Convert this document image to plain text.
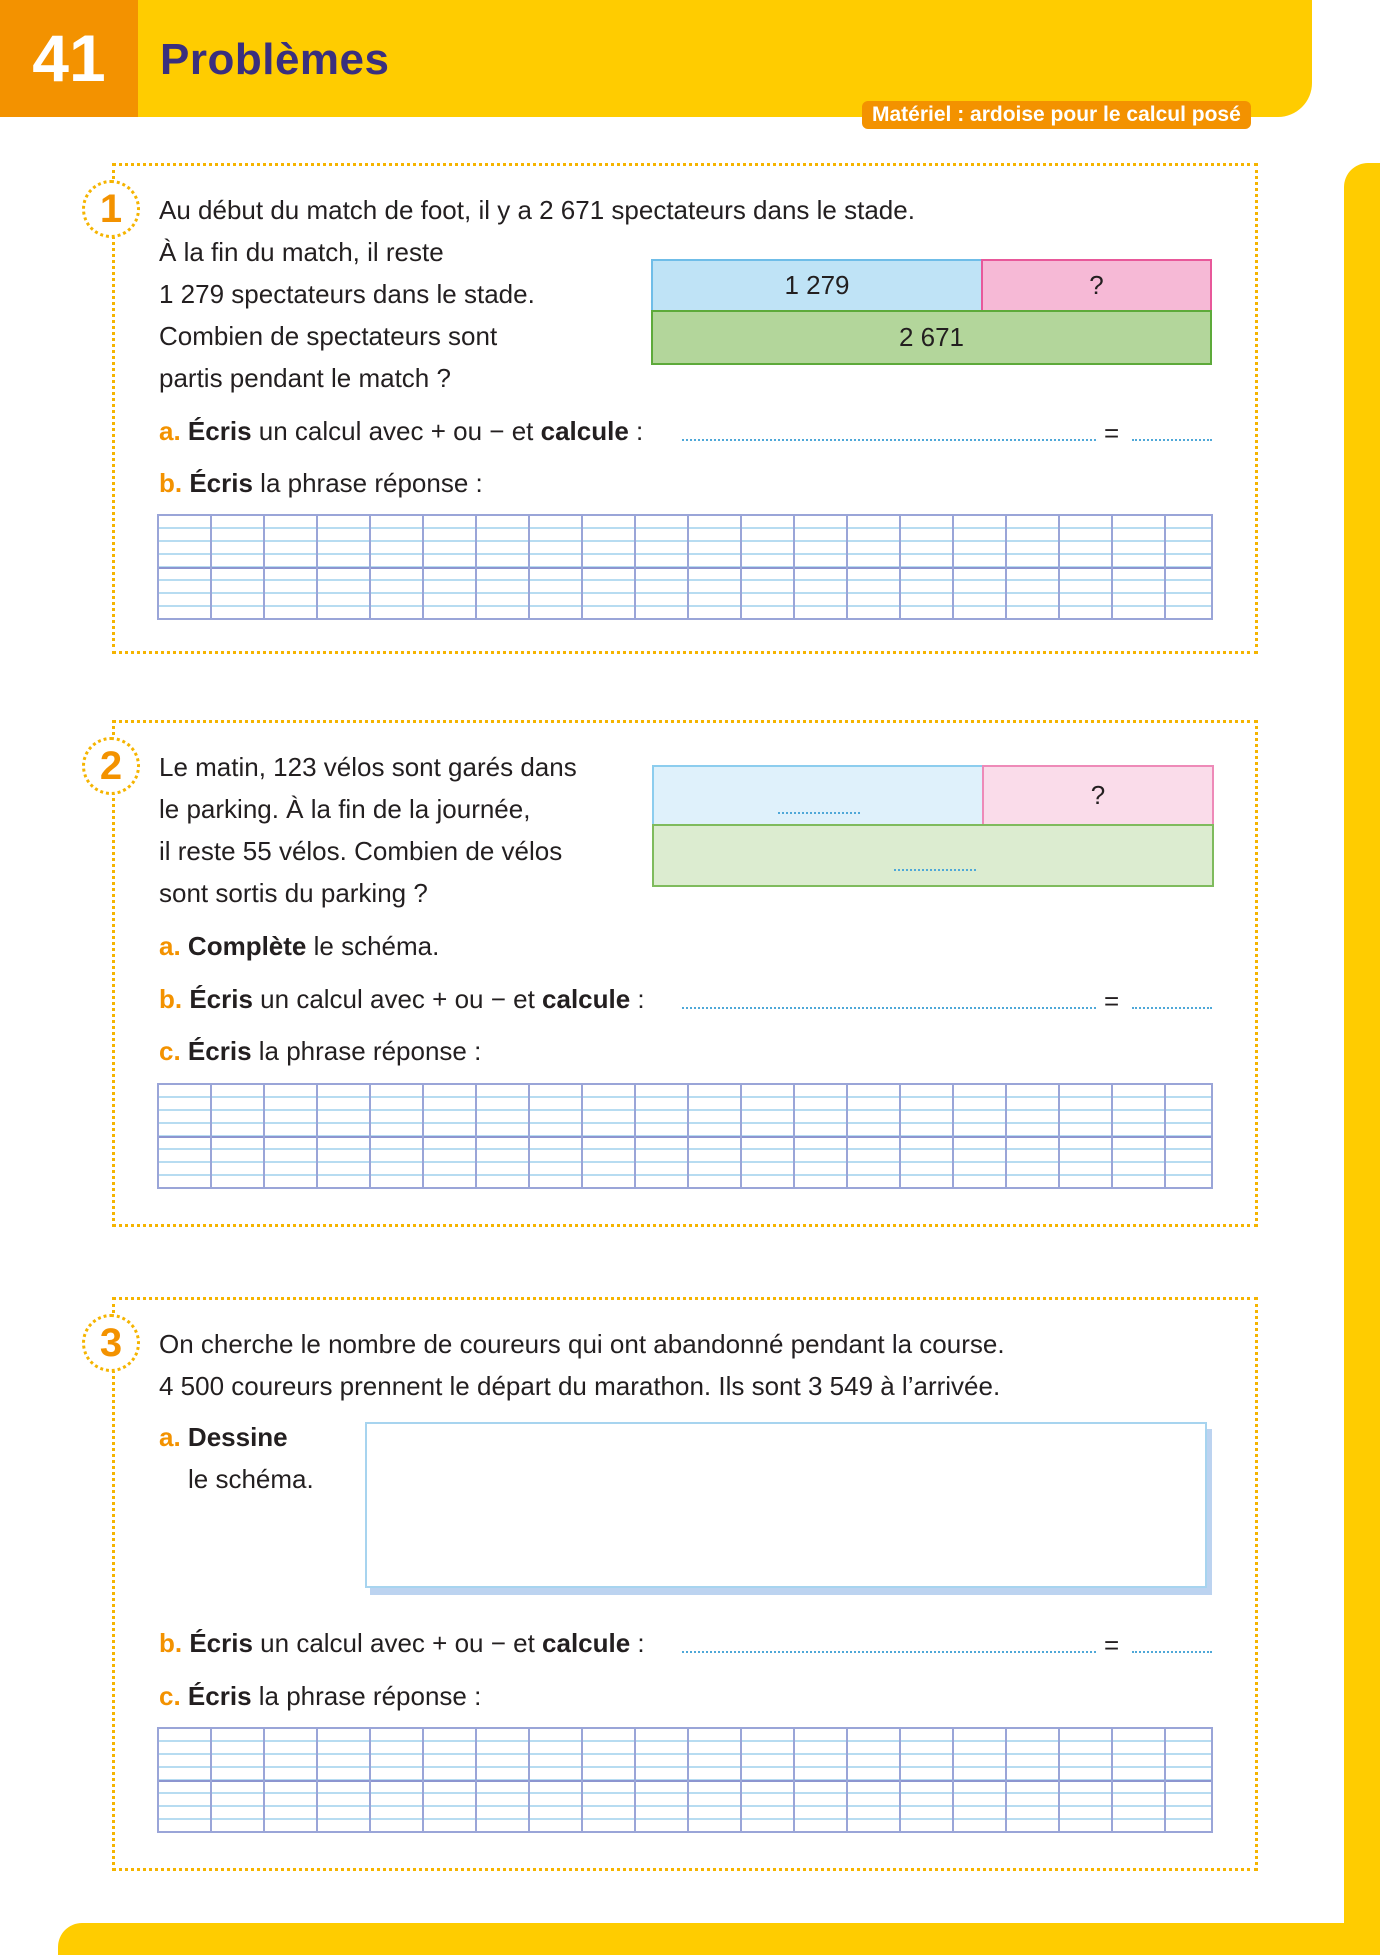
41	Problèmes
Matériel : ardoise pour le calcul posé
1	Au début du match de foot, il y a 2 671 spectateurs dans le stade.
À la fin du match, il reste
1 279 spectateurs dans le stade.
Combien de spectateurs sont
partis pendant le match ?
1 279	?
2 671
a. Écris un calcul avec + ou − et calcule :	=
b. Écris la phrase réponse :
2	Le matin, 123 vélos sont garés dans
le parking. À la fin de la journée,
il reste 55 vélos. Combien de vélos
sont sortis du parking ?
?
a. Complète le schéma.
b. Écris un calcul avec + ou − et calcule :	=
c. Écris la phrase réponse :
3	On cherche le nombre de coureurs qui ont abandonné pendant la course.
4 500 coureurs prennent le départ du marathon. Ils sont 3 549 à l’arrivée.
a. Dessine
le schéma.
b. Écris un calcul avec + ou − et calcule :	=
c. Écris la phrase réponse :
